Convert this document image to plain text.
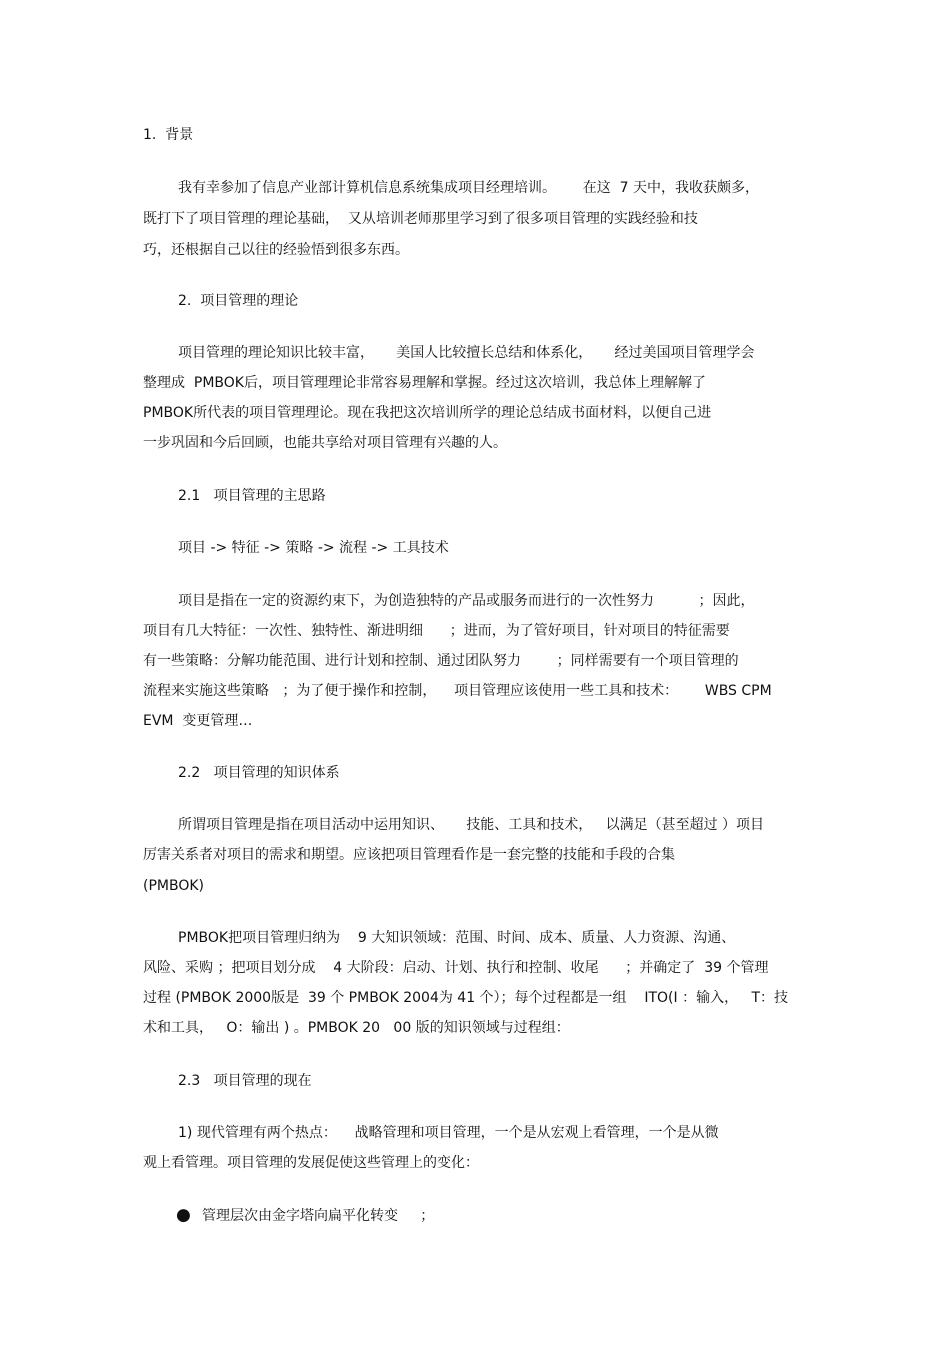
1.  背景

我有幸参加了信息产业部计算机信息系统集成项目经理培训。      在这  7 天中，我收获颇多，

既打下了项目管理的理论基础，  又从培训老师那里学习到了很多项目管理的实践经验和技

巧，还根据自己以往的经验悟到很多东西。

2.  项目管理的理论

项目管理的理论知识比较丰富，     美国人比较擅长总结和体系化，     经过美国项目管理学会

整理成  PMBOK后，项目管理理论非常容易理解和掌握。经过这次培训，我总体上理解解了

PMBOK所代表的项目管理理论。现在我把这次培训所学的理论总结成书面材料，以便自己进

一步巩固和今后回顾，也能共享给对项目管理有兴趣的人。

2.1   项目管理的主思路

项目 -> 特征 -> 策略 -> 流程 -> 工具技术

项目是指在一定的资源约束下，为创造独特的产品或服务而进行的一次性努力          ；因此，

项目有几大特征：一次性、独特性、渐进明细      ；进而，为了管好项目，针对项目的特征需要

有一些策略：分解功能范围、进行计划和控制、通过团队努力        ；同样需要有一个项目管理的

流程来实施这些策略   ；为了便于操作和控制，    项目管理应该使用一些工具和技术：      WBS CPM

EVM  变更管理…

2.2   项目管理的知识体系

所谓项目管理是指在项目活动中运用知识、     技能、工具和技术，   以满足（甚至超过 ）项目

厉害关系者对项目的需求和期望。应该把项目管理看作是一套完整的技能和手段的合集

(PMBOK)

PMBOK把项目管理归纳为    9 大知识领域：范围、时间、成本、质量、人力资源、沟通、

风险、采购 ；把项目划分成    4 大阶段：启动、计划、执行和控制、收尾      ；并确定了  39 个管理

过程 (PMBOK 2000版是  39 个 PMBOK 2004为 41 个）；每个过程都是一组    ITO(I ：输入，   T：技

术和工具，   O：输出 ) 。PMBOK 20   00 版的知识领域与过程组：

2.3   项目管理的现在

1) 现代管理有两个热点：    战略管理和项目管理，一个是从宏观上看管理，一个是从微

观上看管理。项目管理的发展促使这些管理上的变化：

● 管理层次由金字塔向扁平化转变     ；
